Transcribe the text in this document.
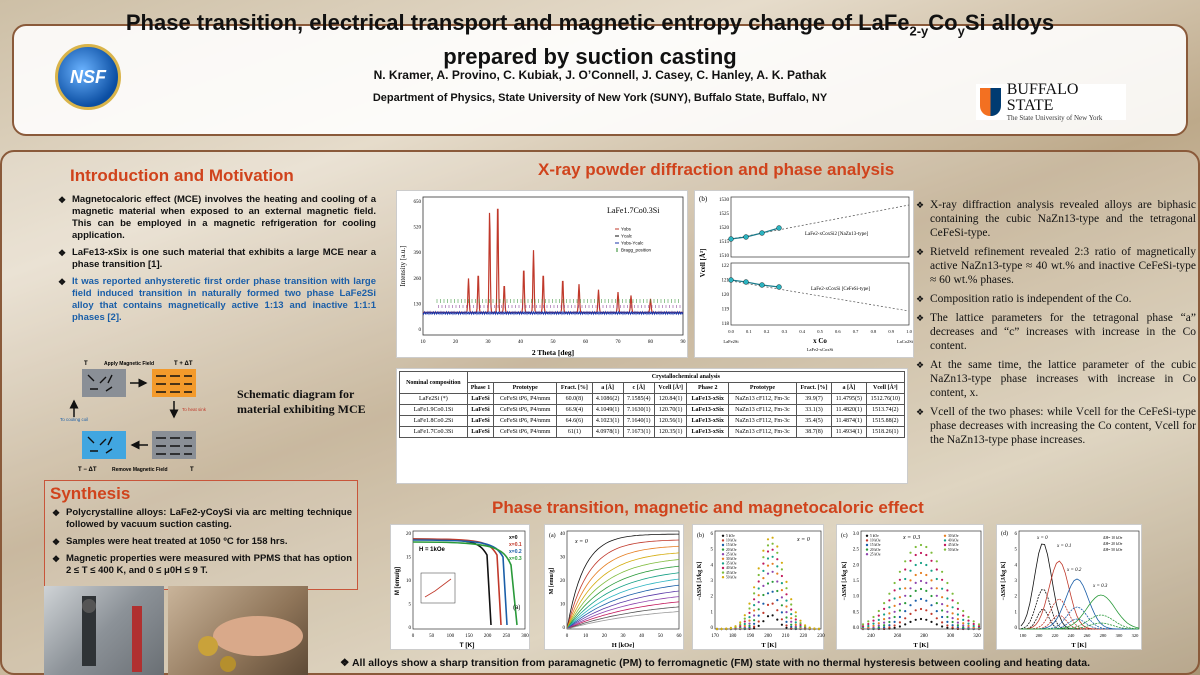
Phase transition, electrical transport and magnetic entropy change of $LaFe_{2-y}Co_ySi$ alloys
prepared by suction casting
N. Kramer, A. Provino, C. Kubiak, J. O’Connell, J. Casey, C. Hanley, A. K. Pathak
Department of Physics, State University of New York (SUNY), Buffalo State, Buffalo, NY
NSF
BUFFALO STATE
The State University of New York
Introduction and Motivation
❖ Magnetocaloric effect (MCE) involves the heating and cooling of a magnetic material when exposed to an external magnetic field. This can be employed in a magnetic refrigeration for cooling application.
❖ LaFe13-xSix is one such material that exhibits a large MCE near a phase transition [1].
❖ It was reported anhysteretic first order phase transition with large field induced transition in naturally formed two phase LaFe2Si alloy that contains magnetically active 1:13 and inactive 1:1:1 phases [2].
T	Apply Magnetic Field	T + ΔT
To heat sink
To cooling coil
T − ΔT	Remove Magnetic Field	T
Schematic diagram for material exhibiting MCE
Synthesis
❖ Polycrystalline alloys: LaFe2-yCoySi via arc melting technique followed by vacuum suction casting.
❖ Samples were heat treated at 1050 ºC for 158 hrs.
❖ Magnetic properties were measured with PPMS that has option 2 ≤ T ≤ 400 K, and 0 ≤ μ0H ≤ 9 T.
X-ray powder diffraction and phase analysis
650
520
390
260
130
0
10	20	30	40	50	60	70	80	90
LaFe1.7Co0.3Si
Yobs
Ycalc
Yobs-Ycalc
Bragg_position
2 Theta [deg]
Intensity [a.u.]
(b) 1530
1525
1520
1515
1510
122
121
120
119
118
0.0	0.1	0.2	0.3	0.4	0.5	0.6	0.7	0.8	0.9	1.0
LaFe2-xCoxSi2 [NaZn13-type]
LaFe2-xCoxSi [CeFeSi-type]
x Co
LaFe2Si
LaFe2-xCoxSi
LaCo2Si
Vcell [Å³]
Nominal composition	Crystallochemical analysis										
	Phase 1	Prototype	Fract. [%]	a [Å]	c [Å]	Vcell [Å³]	Phase 2	Prototype	Fract. [%]	a [Å]	Vcell [Å³]
LaFe2Si (*)	LaFeSi	CeFeSi tP6, P4/nmm	60.0(8)	4.1086(2)	7.1585(4)	120.84(1)	LaFe13-xSix	NaZn13 cF112, Fm-3c	39.9(7)	11.4795(5)	1512.76(10)
LaFe1.9Co0.1Si	LaFeSi	CeFeSi tP6, P4/nmm	66.9(4)	4.1049(1)	7.1630(1)	120.70(1)	LaFe13-xSix	NaZn13 cF112, Fm-3c	33.1(3)	11.4820(1)	1513.74(2)
LaFe1.8Co0.2Si	LaFeSi	CeFeSi tP6, P4/nmm	64.6(6)	4.1023(1)	7.1640(1)	120.56(1)	LaFe13-xSix	NaZn13 cF112, Fm-3c	35.4(5)	11.4874(1)	1515.88(2)
LaFe1.7Co0.3Si	LaFeSi	CeFeSi tP6, P4/nmm	61(1)	4.0978(1)	7.1673(1)	120.35(1)	LaFe13-xSix	NaZn13 cF112, Fm-3c	38.7(8)	11.4934(1)	1518.26(1)
❖ X-ray diffraction analysis revealed alloys are biphasic containing the cubic NaZn13-type and the tetragonal CeFeSi-type.
❖ Rietveld refinement revealed 2:3 ratio of magnetically active NaZn13-type ≈ 40 wt.% and inactive CeFeSi-type ≈ 60 wt.% phases.
❖ Composition ratio is independent of the Co.
❖ The lattice parameters for the tetragonal phase “a” decreases and “c” increases with increase in the Co content.
❖ At the same time, the lattice parameter of the cubic NaZn13-type phase increases with increase in Co content, x.
❖ Vcell of the two phases: while Vcell for the CeFeSi-type phase decreases with increasing the Co content, Vcell for the NaZn13-type phase increases.
Phase transition, magnetic and magnetocaloric effect
H = 1kOe
x=0
x=0.1
x=0.2
x=0.3
(a)
T [K]
M [emu/g]
0	50 100 150 200 250 300
20
15
10
5
0
(a)
x = 0
H [kOe]
M [emu/g]
0	10	20	30	40	50	60
40
30
20
10
0
(b)
x = 0
5 kOe
10 kOe
15 kOe
20 kOe
25 kOe
30 kOe
35 kOe
40 kOe
45 kOe
50 kOe
T [K]
−ΔSM [J/kg K]
170 180 190 200 210 220 230
6
5
4
3
2
1
0
(c)	x = 0.3
5 kOe
10 kOe
15 kOe
20 kOe
25 kOe
30 kOe
40 kOe
45 kOe
50 kOe
T [K]
−ΔSM [J/kg K]
240	260	280	300	320
3.0
2.5
2.0
1.5
1.0
0.5
0.0
(d)
x = 0
x = 0.1
x = 0.2
x = 0.3
ΔH= 10 kOe
ΔH= 20 kOe
ΔH= 50 kOe
T [K]
−ΔSM [J/kg K]
180 200 220 240 260 280 300 320
6
5
4
3
2
1
0
❖ All alloys show a sharp transition from paramagnetic (PM) to ferromagnetic (FM) state with no thermal hysteresis between cooling and heating data.
